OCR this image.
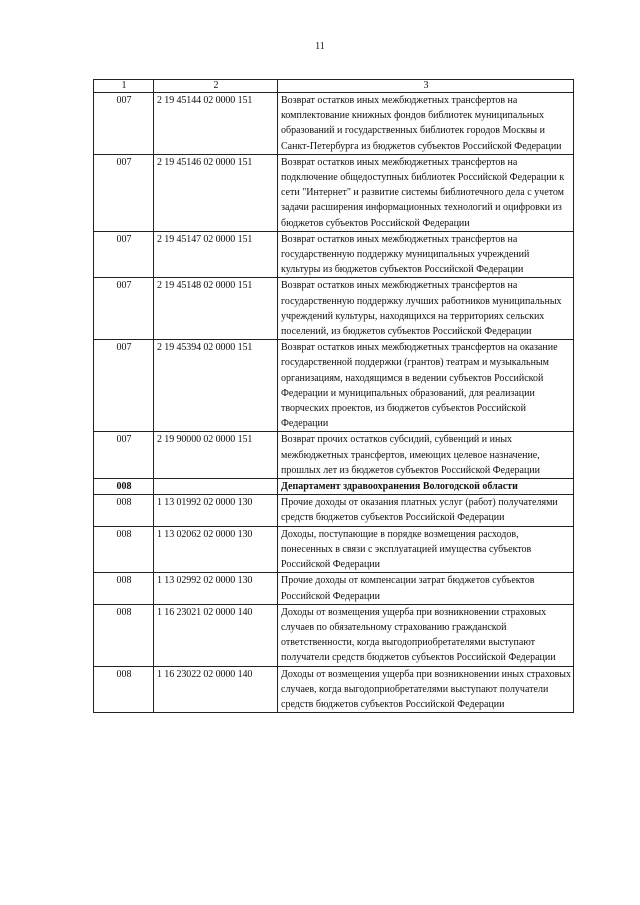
11
1	2	3
007	2 19 45144 02 0000 151	Возврат остатков иных межбюджетных трансфертов на комплектование книжных фондов библиотек муниципальных образований и государственных библиотек городов Москвы и Санкт-Петербурга из бюджетов субъектов Российской Федерации
007	2 19 45146 02 0000 151	Возврат остатков иных межбюджетных трансфертов на подключение общедоступных библиотек Российской Федерации к сети "Интернет" и развитие системы библиотечного дела с учетом задачи расширения информационных технологий и оцифровки из бюджетов субъектов Российской Федерации
007	2 19 45147 02 0000 151	Возврат остатков иных межбюджетных трансфертов на государственную поддержку муниципальных учреждений культуры из бюджетов субъектов Российской Федерации
007	2 19 45148 02 0000 151	Возврат остатков иных межбюджетных трансфертов на государственную поддержку лучших работников муниципальных учреждений культуры, находящихся на территориях сельских поселений, из бюджетов субъектов Российской Федерации
007	2 19 45394 02 0000 151	Возврат остатков иных межбюджетных трансфертов на оказание государственной поддержки (грантов) театрам и музыкальным организациям, находящимся в ведении субъектов Российской Федерации и муниципальных образований, для реализации творческих проектов, из бюджетов субъектов Российской Федерации
007	2 19 90000 02 0000 151	Возврат прочих остатков субсидий, субвенций и иных межбюджетных трансфертов, имеющих целевое назначение, прошлых лет из бюджетов субъектов Российской Федерации
008		Департамент здравоохранения Вологодской области
008	1 13 01992 02 0000 130	Прочие доходы от оказания платных услуг (работ) получателями средств бюджетов субъектов Российской Федерации
008	1 13 02062 02 0000 130	Доходы, поступающие в порядке возмещения расходов, понесенных в связи с эксплуатацией имущества субъектов Российской Федерации
008	1 13 02992 02 0000 130	Прочие доходы от компенсации затрат бюджетов субъектов Российской Федерации
008	1 16 23021 02 0000 140	Доходы от возмещения ущерба при возникновении страховых случаев по обязательному страхованию гражданской ответственности, когда выгодоприобретателями выступают получатели средств бюджетов субъектов Российской Федерации
008	1 16 23022 02 0000 140	Доходы от возмещения ущерба при возникновении иных страховых случаев, когда выгодоприобретателями выступают получатели средств бюджетов субъектов Российской Федерации
